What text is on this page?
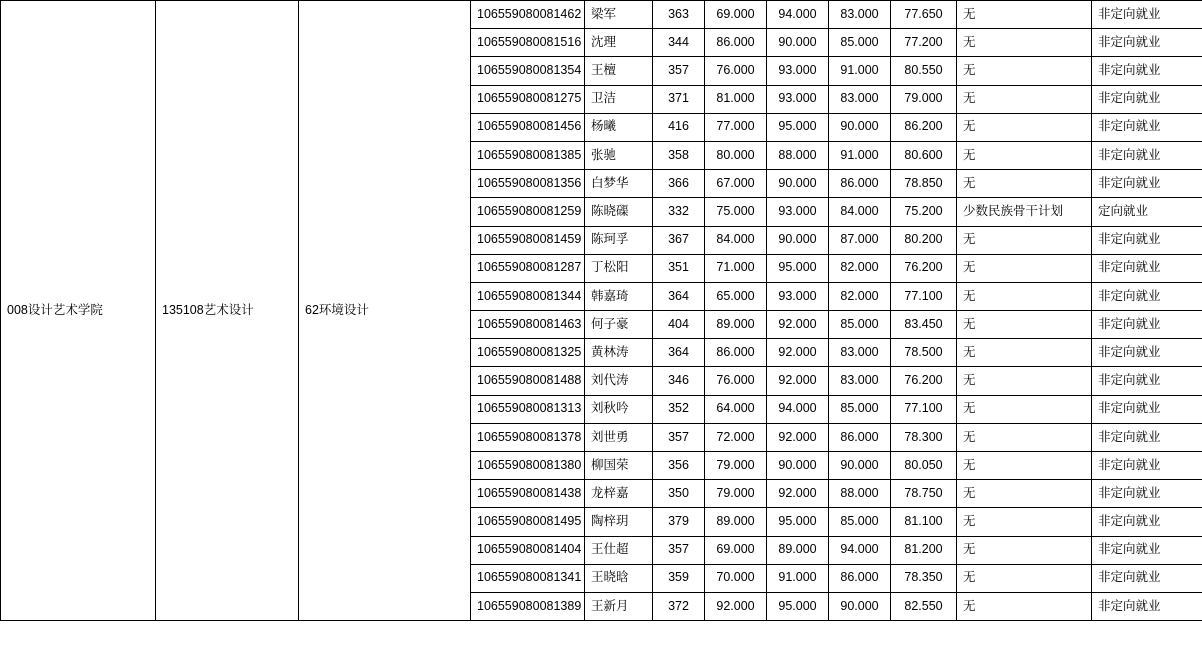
008设计艺术学院	135108艺术设计	62环境设计	106559080081462	梁军	363	69.000	94.000	83.000	77.650	无	非定向就业
			106559080081516	沈理	344	86.000	90.000	85.000	77.200	无	非定向就业
			106559080081354	王檀	357	76.000	93.000	91.000	80.550	无	非定向就业
			106559080081275	卫洁	371	81.000	93.000	83.000	79.000	无	非定向就业
			106559080081456	杨曦	416	77.000	95.000	90.000	86.200	无	非定向就业
			106559080081385	张驰	358	80.000	88.000	91.000	80.600	无	非定向就业
			106559080081356	白梦华	366	67.000	90.000	86.000	78.850	无	非定向就业
			106559080081259	陈晓磲	332	75.000	93.000	84.000	75.200	少数民族骨干计划	定向就业
			106559080081459	陈珂孚	367	84.000	90.000	87.000	80.200	无	非定向就业
			106559080081287	丁松阳	351	71.000	95.000	82.000	76.200	无	非定向就业
			106559080081344	韩嘉琦	364	65.000	93.000	82.000	77.100	无	非定向就业
			106559080081463	何子豪	404	89.000	92.000	85.000	83.450	无	非定向就业
			106559080081325	黄林涛	364	86.000	92.000	83.000	78.500	无	非定向就业
			106559080081488	刘代涛	346	76.000	92.000	83.000	76.200	无	非定向就业
			106559080081313	刘秋吟	352	64.000	94.000	85.000	77.100	无	非定向就业
			106559080081378	刘世勇	357	72.000	92.000	86.000	78.300	无	非定向就业
			106559080081380	柳国荣	356	79.000	90.000	90.000	80.050	无	非定向就业
			106559080081438	龙梓嘉	350	79.000	92.000	88.000	78.750	无	非定向就业
			106559080081495	陶梓玥	379	89.000	95.000	85.000	81.100	无	非定向就业
			106559080081404	王仕超	357	69.000	89.000	94.000	81.200	无	非定向就业
			106559080081341	王晓晗	359	70.000	91.000	86.000	78.350	无	非定向就业
			106559080081389	王新月	372	92.000	95.000	90.000	82.550	无	非定向就业
